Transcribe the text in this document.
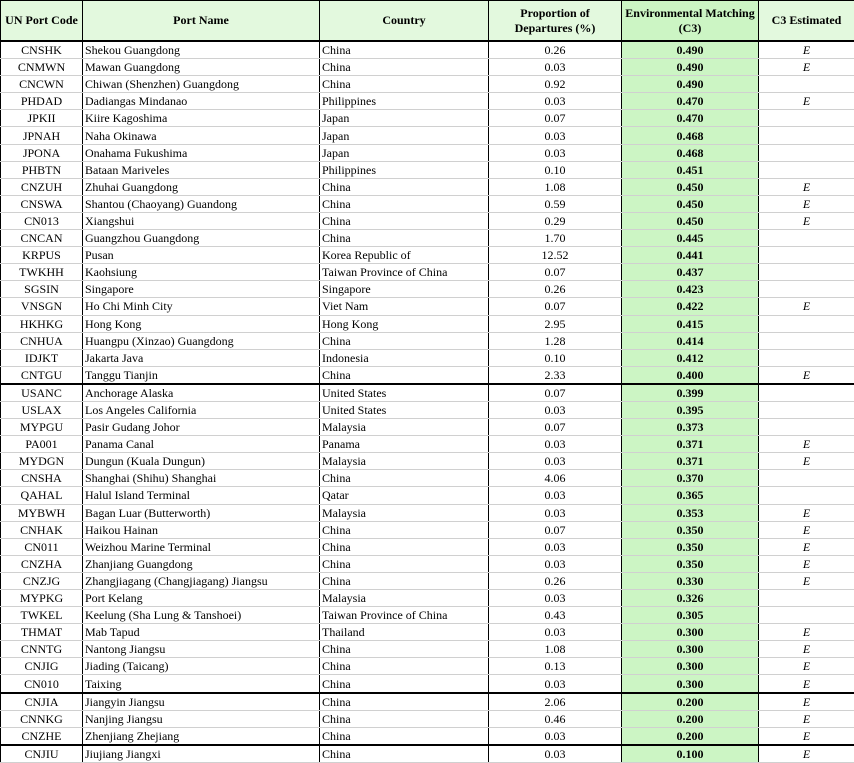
UN Port Code	Port Name	Country	Proportion of Departures (%)	Environmental Matching (C3)	C3 Estimated
CNSHK	Shekou Guangdong	China	0.26	0.490	E
CNMWN	Mawan Guangdong	China	0.03	0.490	E
CNCWN	Chiwan (Shenzhen) Guangdong	China	0.92	0.490	
PHDAD	Dadiangas Mindanao	Philippines	0.03	0.470	E
JPKII	Kiire Kagoshima	Japan	0.07	0.470	
JPNAH	Naha Okinawa	Japan	0.03	0.468	
JPONA	Onahama Fukushima	Japan	0.03	0.468	
PHBTN	Bataan Mariveles	Philippines	0.10	0.451	
CNZUH	Zhuhai Guangdong	China	1.08	0.450	E
CNSWA	Shantou (Chaoyang) Guandong	China	0.59	0.450	E
CN013	Xiangshui	China	0.29	0.450	E
CNCAN	Guangzhou Guangdong	China	1.70	0.445	
KRPUS	Pusan	Korea Republic of	12.52	0.441	
TWKHH	Kaohsiung	Taiwan Province of China	0.07	0.437	
SGSIN	Singapore	Singapore	0.26	0.423	
VNSGN	Ho Chi Minh City	Viet Nam	0.07	0.422	E
HKHKG	Hong Kong	Hong Kong	2.95	0.415	
CNHUA	Huangpu (Xinzao) Guangdong	China	1.28	0.414	
IDJKT	Jakarta Java	Indonesia	0.10	0.412	
CNTGU	Tanggu Tianjin	China	2.33	0.400	E
USANC	Anchorage Alaska	United States	0.07	0.399	
USLAX	Los Angeles California	United States	0.03	0.395	
MYPGU	Pasir Gudang Johor	Malaysia	0.07	0.373	
PA001	Panama Canal	Panama	0.03	0.371	E
MYDGN	Dungun (Kuala Dungun)	Malaysia	0.03	0.371	E
CNSHA	Shanghai (Shihu) Shanghai	China	4.06	0.370	
QAHAL	Halul Island Terminal	Qatar	0.03	0.365	
MYBWH	Bagan Luar (Butterworth)	Malaysia	0.03	0.353	E
CNHAK	Haikou Hainan	China	0.07	0.350	E
CN011	Weizhou Marine Terminal	China	0.03	0.350	E
CNZHA	Zhanjiang Guangdong	China	0.03	0.350	E
CNZJG	Zhangjiagang (Changjiagang) Jiangsu	China	0.26	0.330	E
MYPKG	Port Kelang	Malaysia	0.03	0.326	
TWKEL	Keelung (Sha Lung & Tanshoei)	Taiwan Province of China	0.43	0.305	
THMAT	Mab Tapud	Thailand	0.03	0.300	E
CNNTG	Nantong Jiangsu	China	1.08	0.300	E
CNJIG	Jiading (Taicang)	China	0.13	0.300	E
CN010	Taixing	China	0.03	0.300	E
CNJIA	Jiangyin Jiangsu	China	2.06	0.200	E
CNNKG	Nanjing Jiangsu	China	0.46	0.200	E
CNZHE	Zhenjiang Zhejiang	China	0.03	0.200	E
CNJIU	Jiujiang Jiangxi	China	0.03	0.100	E
